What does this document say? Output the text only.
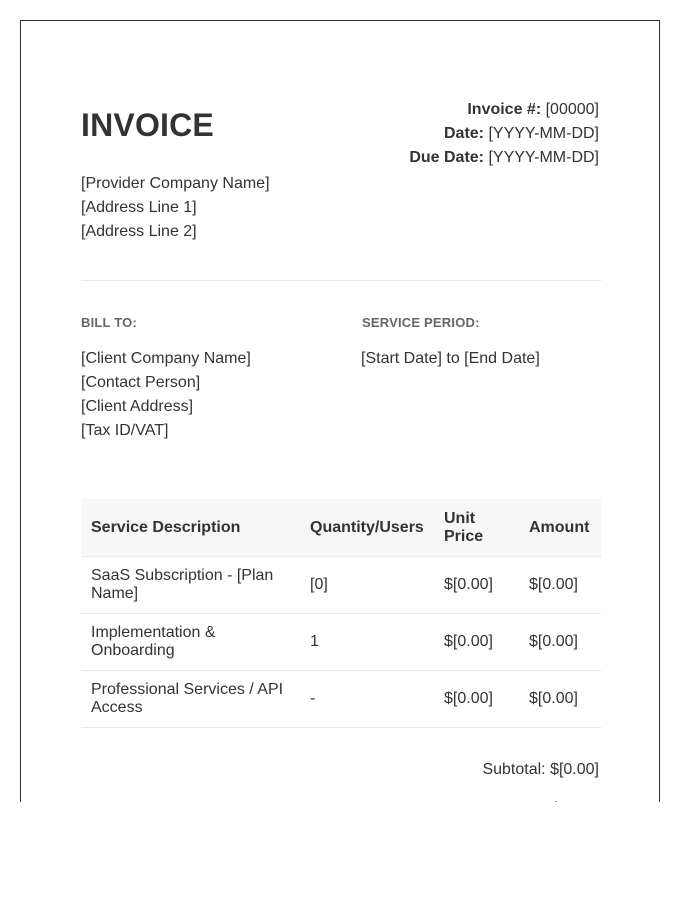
INVOICE	Invoice #: [00000]
Date: [YYYY-MM-DD]
Due Date: [YYYY-MM-DD]
[Provider Company Name]
[Address Line 1]
[Address Line 2]
BILL TO:	SERVICE PERIOD:
[Client Company Name]
[Contact Person]
[Client Address]
[Tax ID/VAT]
[Start Date] to [End Date]
Service Description	Quantity/Users	Unit Price	Amount
SaaS Subscription - [Plan Name]	[0]	$[0.00]	$[0.00]
Implementation & Onboarding	1	$[0.00]	$[0.00]
Professional Services / API Access	-	$[0.00]	$[0.00]
Subtotal: $[0.00]
